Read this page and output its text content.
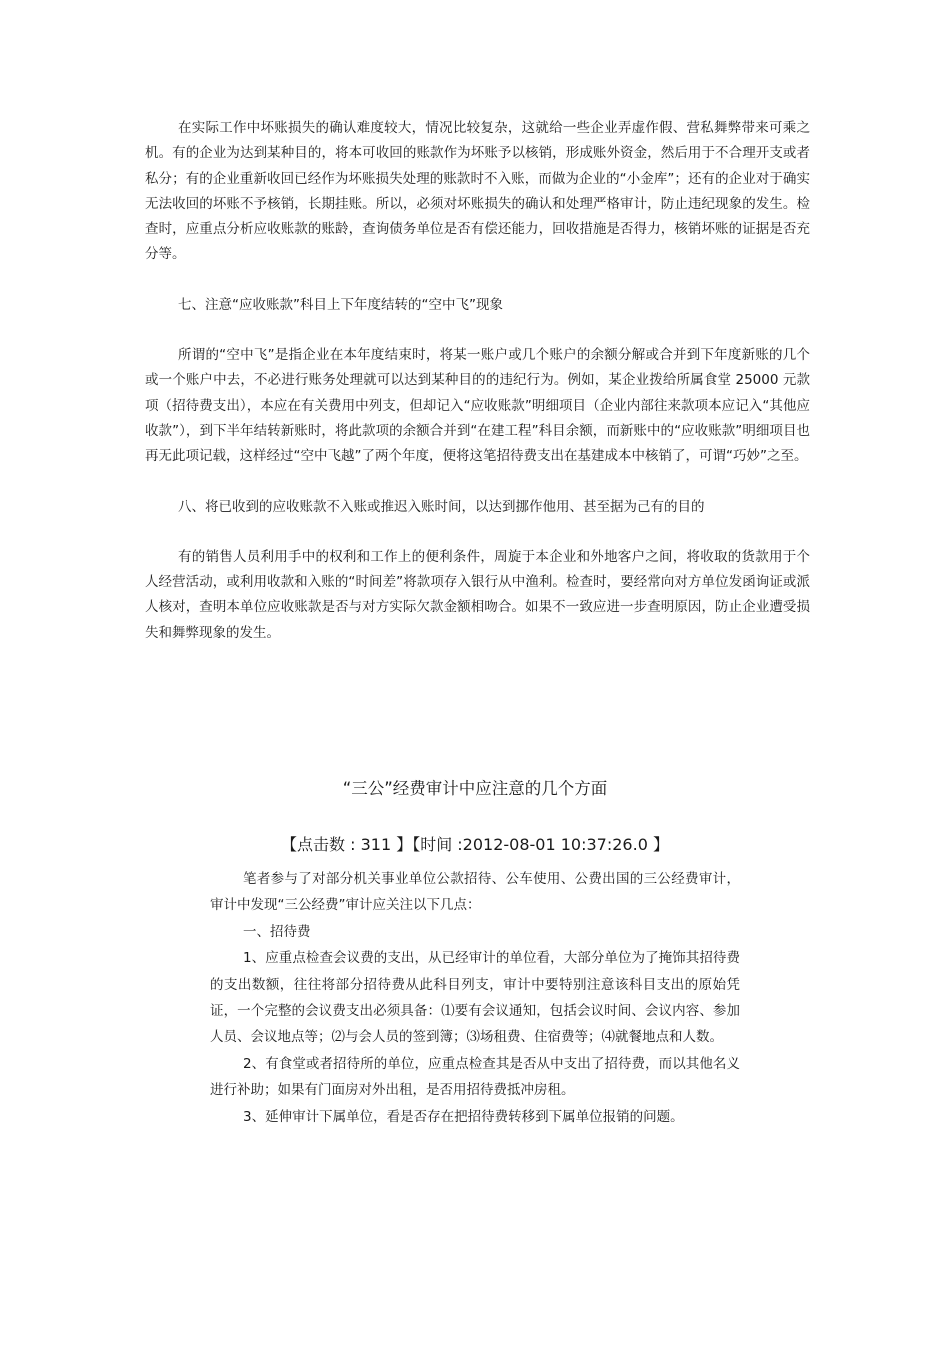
在实际工作中坏账损失的确认难度较大，情况比较复杂，这就给一些企业弄虚作假、营私舞弊带来可乘之机。有的企业为达到某种目的，将本可收回的账款作为坏账予以核销，形成账外资金，然后用于不合理开支或者私分；有的企业重新收回已经作为坏账损失处理的账款时不入账，而做为企业的“小金库”；还有的企业对于确实无法收回的坏账不予核销，长期挂账。所以，必须对坏账损失的确认和处理严格审计，防止违纪现象的发生。检查时，应重点分析应收账款的账龄，查询债务单位是否有偿还能力，回收措施是否得力，核销坏账的证据是否充分等。
七、注意“应收账款”科目上下年度结转的“空中飞”现象
所谓的“空中飞”是指企业在本年度结束时，将某一账户或几个账户的余额分解或合并到下年度新账的几个或一个账户中去，不必进行账务处理就可以达到某种目的的违纪行为。例如，某企业拨给所属食堂 25000 元款项（招待费支出），本应在有关费用中列支，但却记入“应收账款”明细项目（企业内部往来款项本应记入“其他应收款”），到下半年结转新账时，将此款项的余额合并到“在建工程”科目余额，而新账中的“应收账款”明细项目也再无此项记载，这样经过“空中飞越”了两个年度，便将这笔招待费支出在基建成本中核销了，可谓“巧妙”之至。
八、将已收到的应收账款不入账或推迟入账时间，以达到挪作他用、甚至据为己有的目的
有的销售人员利用手中的权利和工作上的便利条件，周旋于本企业和外地客户之间，将收取的货款用于个人经营活动，或利用收款和入账的“时间差”将款项存入银行从中渔利。检查时，要经常向对方单位发函询证或派人核对，查明本单位应收账款是否与对方实际欠款金额相吻合。如果不一致应进一步查明原因，防止企业遭受损失和舞弊现象的发生。
“三公”经费审计中应注意的几个方面
【点击数 : 311 】【时间 :2012-08-01 10:37:26.0 】
笔者参与了对部分机关事业单位公款招待、公车使用、公费出国的三公经费审计，审计中发现“三公经费”审计应关注以下几点：
一、招待费
1、应重点检查会议费的支出，从已经审计的单位看，大部分单位为了掩饰其招待费的支出数额，往往将部分招待费从此科目列支，审计中要特别注意该科目支出的原始凭证，一个完整的会议费支出必须具备：⑴要有会议通知，包括会议时间、会议内容、参加人员、会议地点等；⑵与会人员的签到簿；⑶场租费、住宿费等；⑷就餐地点和人数。
2、有食堂或者招待所的单位，应重点检查其是否从中支出了招待费，而以其他名义进行补助；如果有门面房对外出租，是否用招待费抵冲房租。
3、延伸审计下属单位，看是否存在把招待费转移到下属单位报销的问题。
